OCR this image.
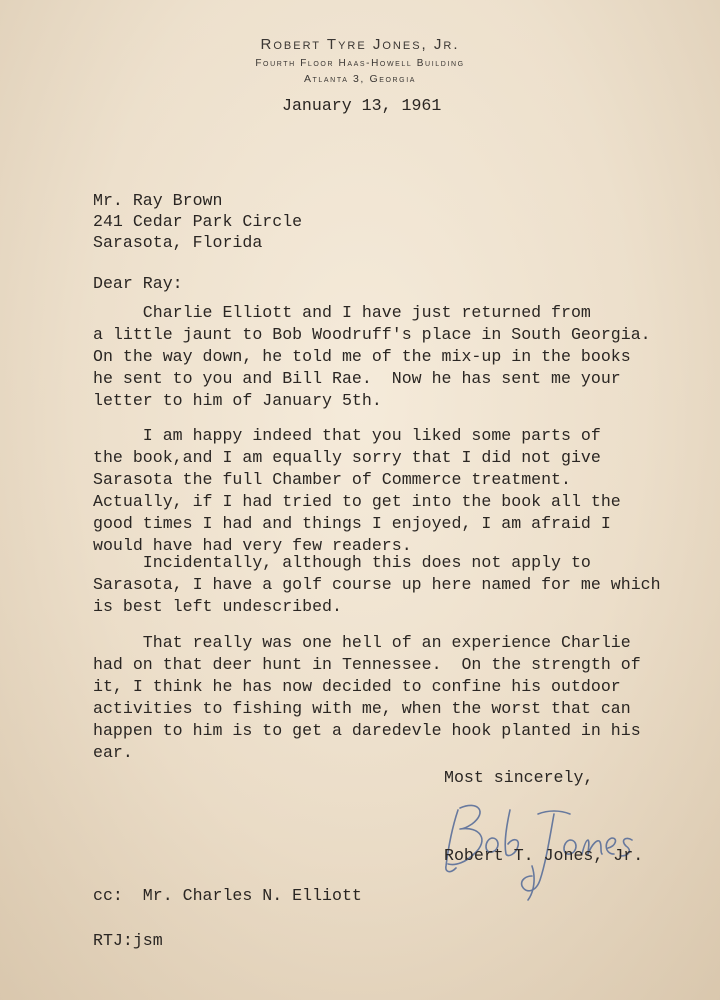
Robert Tyre Jones, Jr.
Fourth Floor Haas-Howell Building
Atlanta 3, Georgia
January 13, 1961
Mr. Ray Brown
241 Cedar Park Circle
Sarasota, Florida
Dear Ray:
Charlie Elliott and I have just returned from
a little jaunt to Bob Woodruff's place in South Georgia.
On the way down, he told me of the mix-up in the books
he sent to you and Bill Rae.  Now he has sent me your
letter to him of January 5th.
I am happy indeed that you liked some parts of
the book,and I am equally sorry that I did not give
Sarasota the full Chamber of Commerce treatment.
Actually, if I had tried to get into the book all the
good times I had and things I enjoyed, I am afraid I
would have had very few readers.
Incidentally, although this does not apply to
Sarasota, I have a golf course up here named for me which
is best left undescribed.
That really was one hell of an experience Charlie
had on that deer hunt in Tennessee.  On the strength of
it, I think he has now decided to confine his outdoor
activities to fishing with me, when the worst that can
happen to him is to get a daredevle hook planted in his
ear.
Most sincerely,
Robert T. Jones, Jr.
cc:  Mr. Charles N. Elliott
RTJ:jsm
